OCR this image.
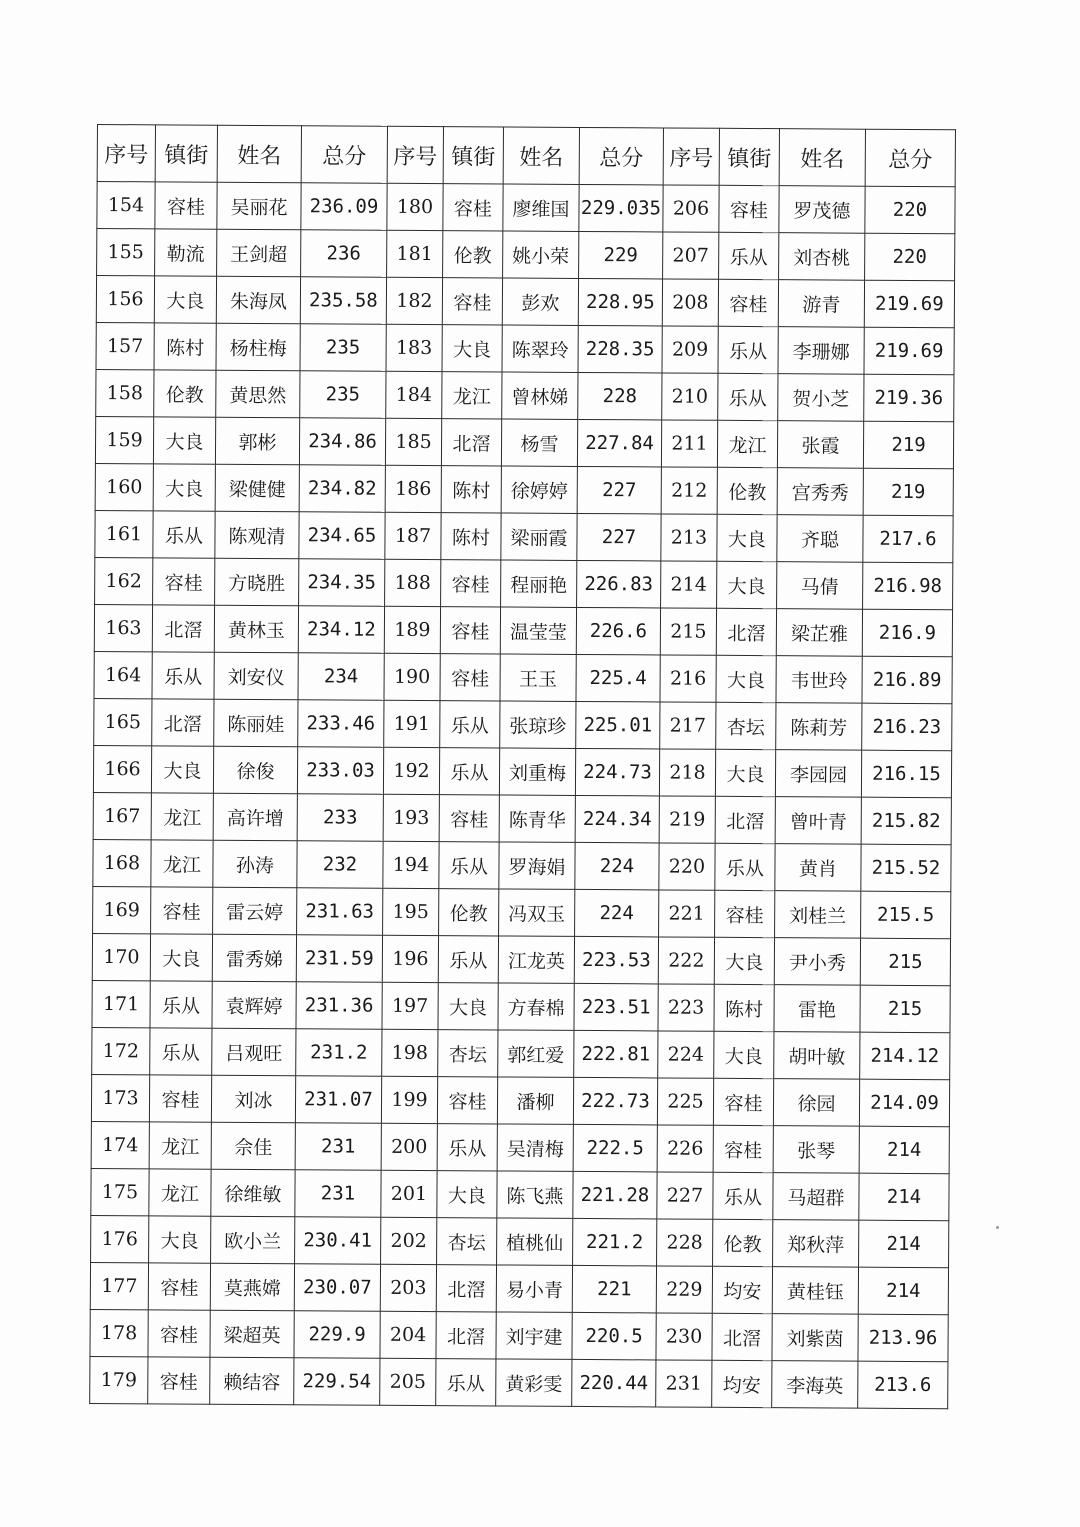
序号	镇街	姓名	总分	序号	镇街	姓名	总分	序号	镇街	姓名	总分
154	容桂	吴丽花	236.09	180	容桂	廖维国	229.035	206	容桂	罗茂德	220
155	勒流	王剑超	236	181	伦教	姚小荣	229	207	乐从	刘杏桃	220
156	大良	朱海凤	235.58	182	容桂	彭欢	228.95	208	容桂	游青	219.69
157	陈村	杨柱梅	235	183	大良	陈翠玲	228.35	209	乐从	李珊娜	219.69
158	伦教	黄思然	235	184	龙江	曾林娣	228	210	乐从	贺小芝	219.36
159	大良	郭彬	234.86	185	北滘	杨雪	227.84	211	龙江	张霞	219
160	大良	梁健健	234.82	186	陈村	徐婷婷	227	212	伦教	宫秀秀	219
161	乐从	陈观清	234.65	187	陈村	梁丽霞	227	213	大良	齐聪	217.6
162	容桂	方晓胜	234.35	188	容桂	程丽艳	226.83	214	大良	马倩	216.98
163	北滘	黄林玉	234.12	189	容桂	温莹莹	226.6	215	北滘	梁芷雅	216.9
164	乐从	刘安仪	234	190	容桂	王玉	225.4	216	大良	韦世玲	216.89
165	北滘	陈丽娃	233.46	191	乐从	张琼珍	225.01	217	杏坛	陈莉芳	216.23
166	大良	徐俊	233.03	192	乐从	刘重梅	224.73	218	大良	李园园	216.15
167	龙江	高许增	233	193	容桂	陈青华	224.34	219	北滘	曾叶青	215.82
168	龙江	孙涛	232	194	乐从	罗海娟	224	220	乐从	黄肖	215.52
169	容桂	雷云婷	231.63	195	伦教	冯双玉	224	221	容桂	刘桂兰	215.5
170	大良	雷秀娣	231.59	196	乐从	江龙英	223.53	222	大良	尹小秀	215
171	乐从	袁辉婷	231.36	197	大良	方春棉	223.51	223	陈村	雷艳	215
172	乐从	吕观旺	231.2	198	杏坛	郭红爱	222.81	224	大良	胡叶敏	214.12
173	容桂	刘冰	231.07	199	容桂	潘柳	222.73	225	容桂	徐园	214.09
174	龙江	佘佳	231	200	乐从	吴清梅	222.5	226	容桂	张琴	214
175	龙江	徐维敏	231	201	大良	陈飞燕	221.28	227	乐从	马超群	214
176	大良	欧小兰	230.41	202	杏坛	植桃仙	221.2	228	伦教	郑秋萍	214
177	容桂	莫燕嫦	230.07	203	北滘	易小青	221	229	均安	黄桂钰	214
178	容桂	梁超英	229.9	204	北滘	刘宇建	220.5	230	北滘	刘紫茵	213.96
179	容桂	赖结容	229.54	205	乐从	黄彩雯	220.44	231	均安	李海英	213.6
